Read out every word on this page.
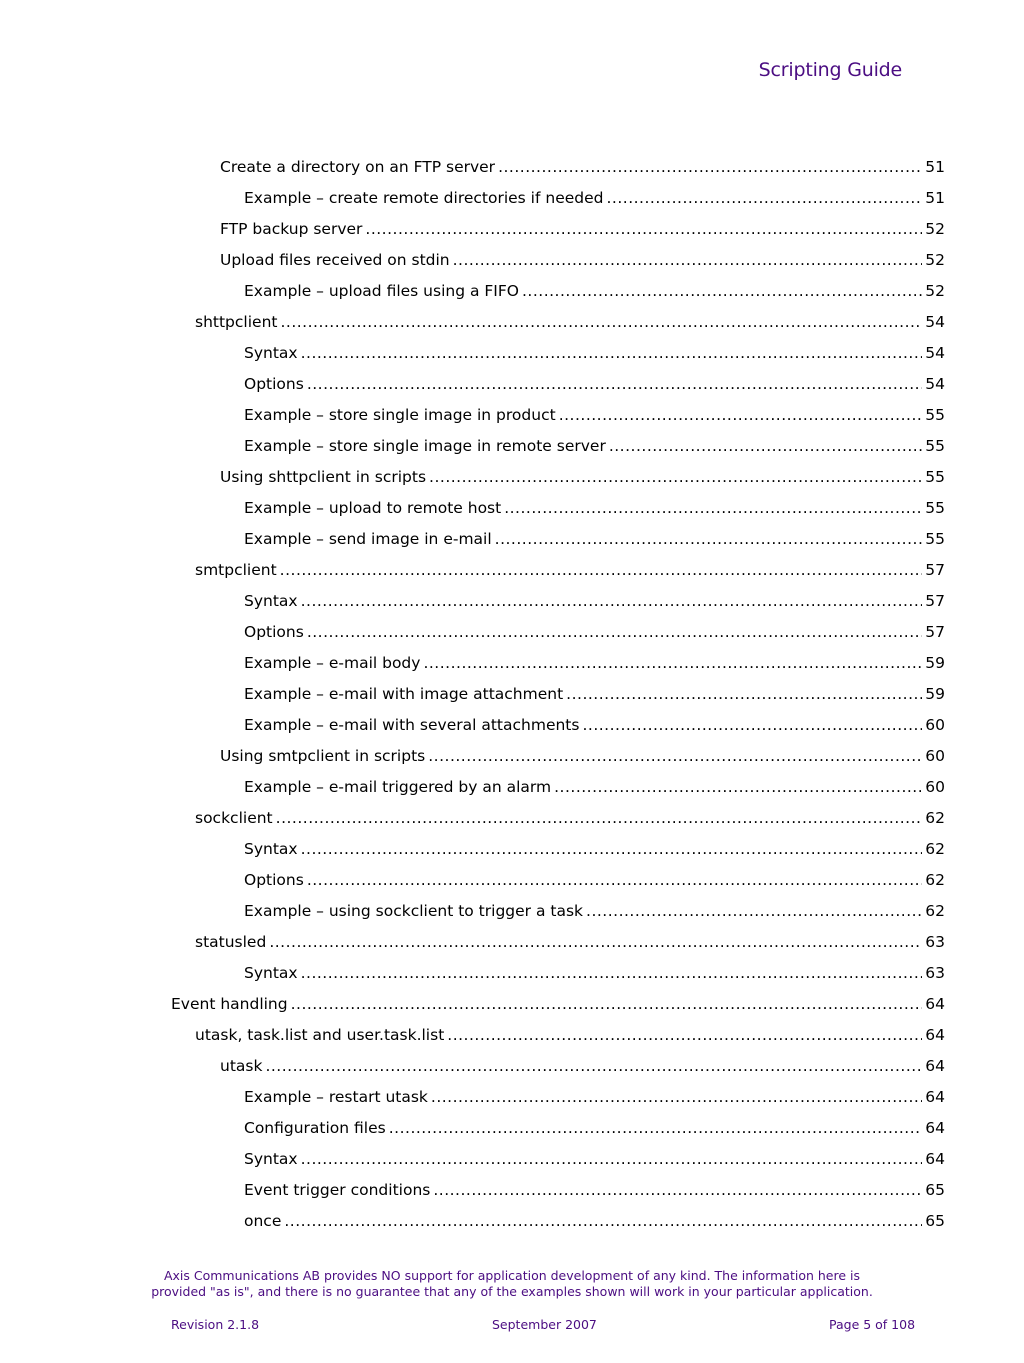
Scripting Guide
Create a directory on an FTP server .....	51
Example – create remote directories if needed .....	51
FTP backup server .....	52
Upload files received on stdin .....	52
Example – upload files using a FIFO .....	52
shttpclient .....	54
Syntax .....	54
Options .....	54
Example – store single image in product .....	55
Example – store single image in remote server .....	55
Using shttpclient in scripts .....	55
Example – upload to remote host .....	55
Example – send image in e-mail .....	55
smtpclient .....	57
Syntax .....	57
Options .....	57
Example – e-mail body .....	59
Example – e-mail with image attachment .....	59
Example – e-mail with several attachments .....	60
Using smtpclient in scripts .....	60
Example – e-mail triggered by an alarm .....	60
sockclient .....	62
Syntax .....	62
Options .....	62
Example – using sockclient to trigger a task .....	62
statusled .....	63
Syntax .....	63
Event handling .....	64
utask, task.list and user.task.list .....	64
utask .....	64
Example – restart utask .....	64
Configuration files .....	64
Syntax .....	64
Event trigger conditions .....	65
once .....	65
Axis Communications AB provides NO support for application development of any kind. The information here is
provided "as is", and there is no guarantee that any of the examples shown will work in your particular application.
Revision 2.1.8	September 2007	Page 5 of 108
